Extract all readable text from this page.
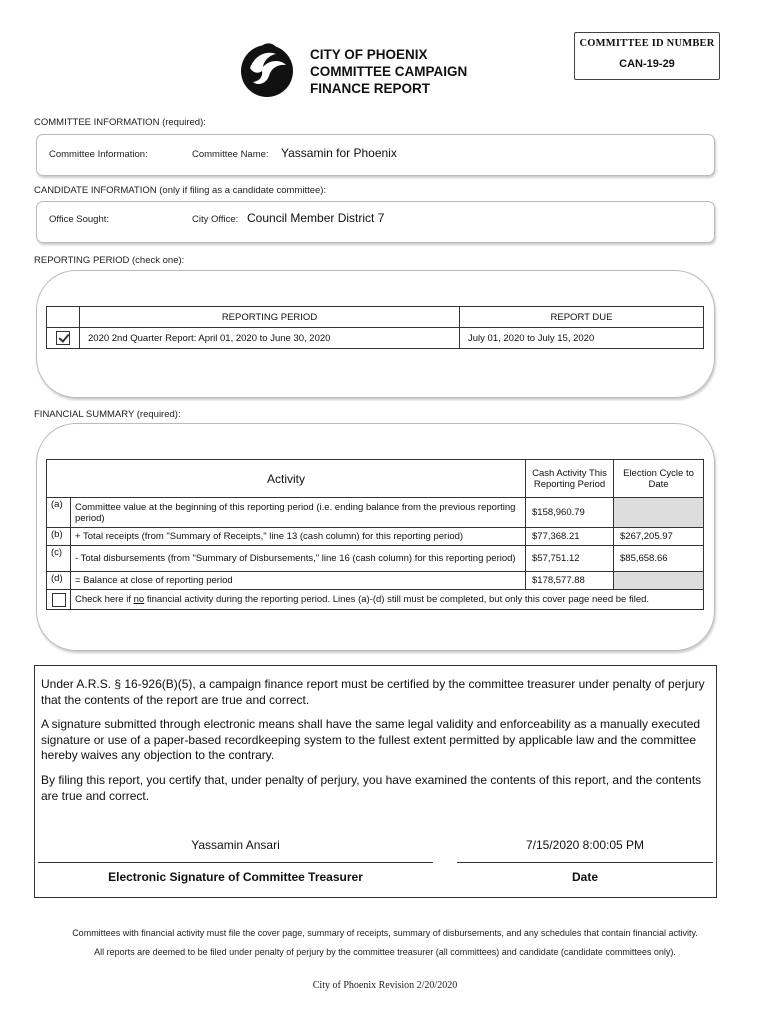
CITY OF PHOENIX
COMMITTEE CAMPAIGN
FINANCE REPORT
COMMITTEE ID NUMBER
CAN-19-29
COMMITTEE INFORMATION (required):
Committee Information:	Committee Name: Yassamin for Phoenix
CANDIDATE INFORMATION (only if filing as a candidate committee):
Office Sought:	City Office: Council Member District 7
REPORTING PERIOD (check one):
	REPORTING PERIOD	REPORT DUE
	2020 2nd Quarter Report: April 01, 2020 to June 30, 2020	July 01, 2020 to July 15, 2020
FINANCIAL SUMMARY (required):
Activity		Cash Activity This Reporting Period	Election Cycle to Date
(a)	Committee value at the beginning of this reporting period (i.e. ending balance from the previous reporting period)	$158,960.79	
(b)	+ Total receipts (from "Summary of Receipts," line 13 (cash column) for this reporting period)	$77,368.21	$267,205.97
(c)	- Total disbursements (from "Summary of Disbursements," line 16 (cash column) for this reporting period)	$57,751.12	$85,658.66
(d)	= Balance at close of reporting period	$178,577.88	
	Check here if no financial activity during the reporting period. Lines (a)-(d) still must be completed, but only this cover page need be filed.		

Under A.R.S. § 16-926(B)(5), a campaign finance report must be certified by the committee treasurer under penalty of perjury that the contents of the report are true and correct.

A signature submitted through electronic means shall have the same legal validity and enforceability as a manually executed signature or use of a paper-based recordkeeping system to the fullest extent permitted by applicable law and the committee hereby waives any objection to the contrary.

By filing this report, you certify that, under penalty of perjury, you have examined the contents of this report, and the contents are true and correct.

Yassamin Ansari	7/15/2020 8:00:05 PM
Electronic Signature of Committee Treasurer	Date
Committees with financial activity must file the cover page, summary of receipts, summary of disbursements, and any schedules that contain financial activity.
All reports are deemed to be filed under penalty of perjury by the committee treasurer (all committees) and candidate (candidate committees only).
City of Phoenix Revision 2/20/2020
